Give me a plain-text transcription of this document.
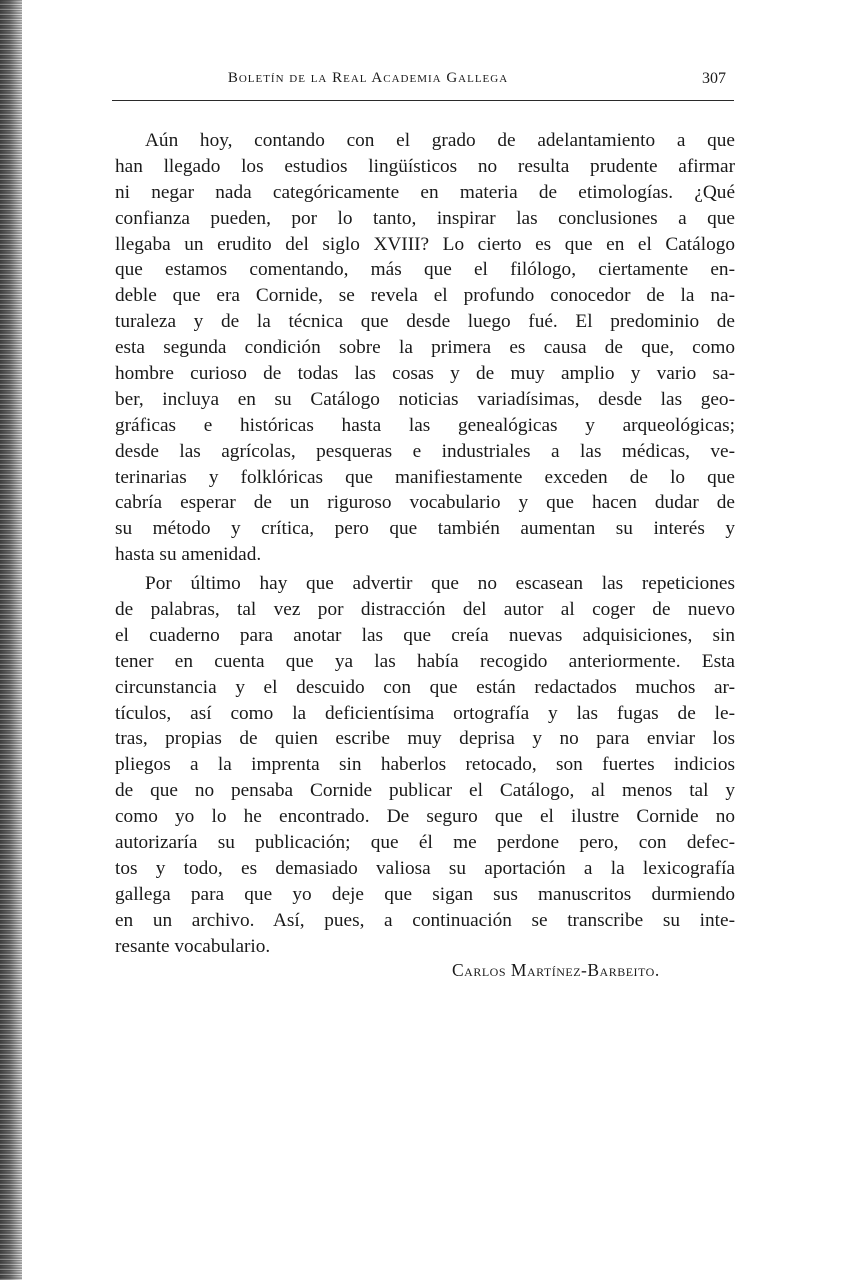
Boletín de la Real Academia Gallega	307
Aún hoy, contando con el grado de adelantamiento a que
han llegado los estudios lingüísticos no resulta prudente afirmar
ni negar nada categóricamente en materia de etimologías. ¿Qué
confianza pueden, por lo tanto, inspirar las conclusiones a que
llegaba un erudito del siglo XVIII? Lo cierto es que en el Catálogo
que estamos comentando, más que el filólogo, ciertamente en-
deble que era Cornide, se revela el profundo conocedor de la na-
turaleza y de la técnica que desde luego fué. El predominio de
esta segunda condición sobre la primera es causa de que, como
hombre curioso de todas las cosas y de muy amplio y vario sa-
ber, incluya en su Catálogo noticias variadísimas, desde las geo-
gráficas e históricas hasta las genealógicas y arqueológicas;
desde las agrícolas, pesqueras e industriales a las médicas, ve-
terinarias y folklóricas que manifiestamente exceden de lo que
cabría esperar de un riguroso vocabulario y que hacen dudar de
su método y crítica, pero que también aumentan su interés y
hasta su amenidad.
Por último hay que advertir que no escasean las repeticiones
de palabras, tal vez por distracción del autor al coger de nuevo
el cuaderno para anotar las que creía nuevas adquisiciones, sin
tener en cuenta que ya las había recogido anteriormente. Esta
circunstancia y el descuido con que están redactados muchos ar-
tículos, así como la deficientísima ortografía y las fugas de le-
tras, propias de quien escribe muy deprisa y no para enviar los
pliegos a la imprenta sin haberlos retocado, son fuertes indicios
de que no pensaba Cornide publicar el Catálogo, al menos tal y
como yo lo he encontrado. De seguro que el ilustre Cornide no
autorizaría su publicación; que él me perdone pero, con defec-
tos y todo, es demasiado valiosa su aportación a la lexicografía
gallega para que yo deje que sigan sus manuscritos durmiendo
en un archivo. Así, pues, a continuación se transcribe su inte-
resante vocabulario.
Carlos Martínez-Barbeito.
